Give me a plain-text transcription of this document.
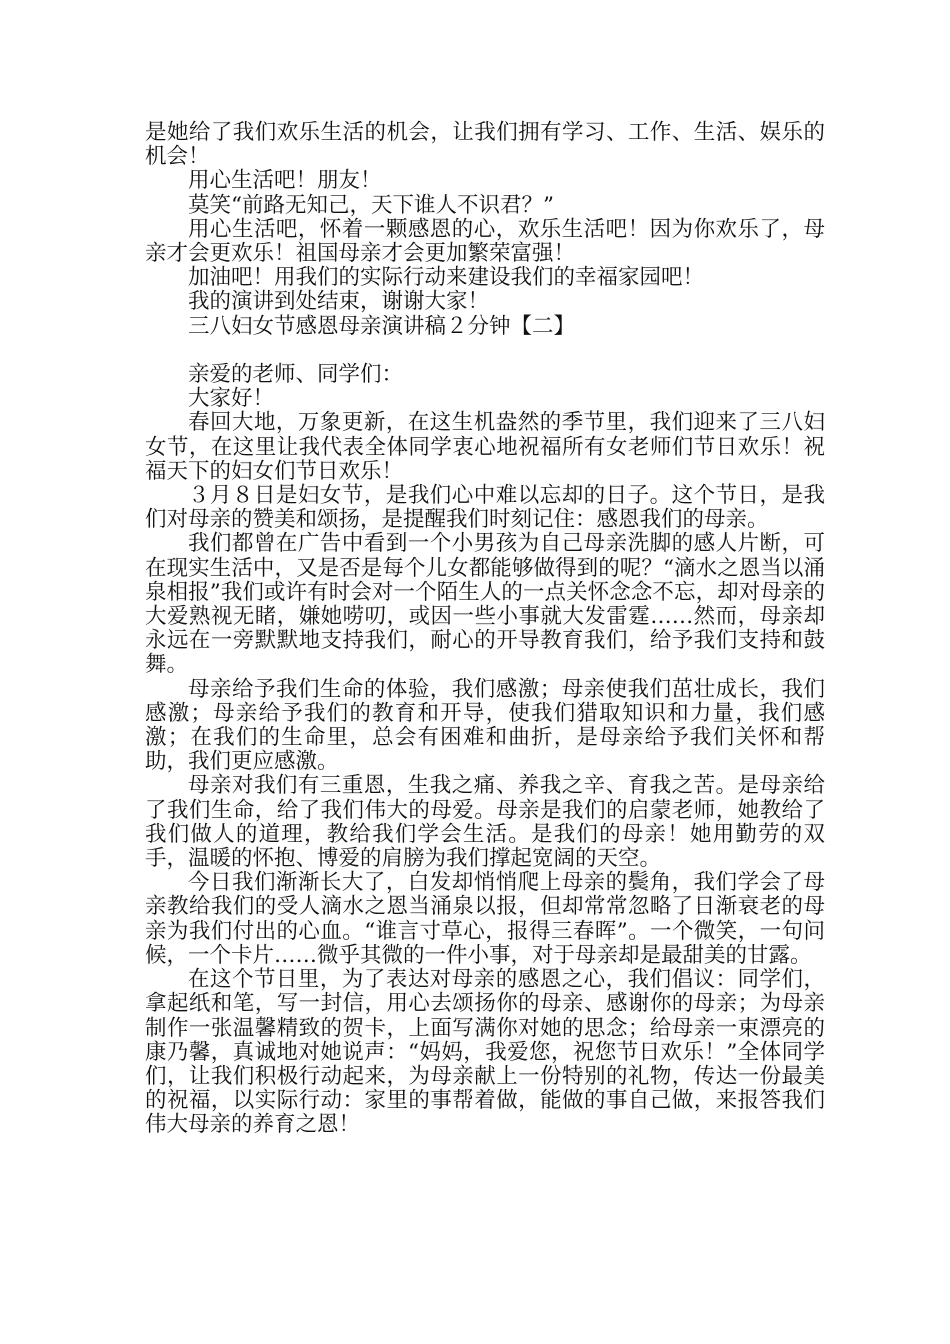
是她给了我们欢乐生活的机会，让我们拥有学习、工作、生活、娱乐的机会！

用心生活吧！朋友！

莫笑“前路无知己，天下谁人不识君？”

用心生活吧，怀着一颗感恩的心，欢乐生活吧！因为你欢乐了，母亲才会更欢乐！祖国母亲才会更加繁荣富强！

加油吧！用我们的实际行动来建设我们的幸福家园吧！

我的演讲到处结束，谢谢大家！

三八妇女节感恩母亲演讲稿２分钟【二】

亲爱的老师、同学们：

大家好！

春回大地，万象更新，在这生机盎然的季节里，我们迎来了三八妇女节，在这里让我代表全体同学衷心地祝福所有女老师们节日欢乐！祝福天下的妇女们节日欢乐！

３月８日是妇女节，是我们心中难以忘却的日子。这个节日，是我们对母亲的赞美和颂扬，是提醒我们时刻记住：感恩我们的母亲。

我们都曾在广告中看到一个小男孩为自己母亲洗脚的感人片断，可在现实生活中，又是否是每个儿女都能够做得到的呢？“滴水之恩当以涌泉相报”我们或许有时会对一个陌生人的一点关怀念念不忘，却对母亲的大爱熟视无睹，嫌她唠叨，或因一些小事就大发雷霆……然而，母亲却永远在一旁默默地支持我们，耐心的开导教育我们，给予我们支持和鼓舞。

母亲给予我们生命的体验，我们感激；母亲使我们茁壮成长，我们感激；母亲给予我们的教育和开导，使我们猎取知识和力量，我们感激；在我们的生命里，总会有困难和曲折，是母亲给予我们关怀和帮助，我们更应感激。

母亲对我们有三重恩，生我之痛、养我之辛、育我之苦。是母亲给了我们生命，给了我们伟大的母爱。母亲是我们的启蒙老师，她教给了我们做人的道理，教给我们学会生活。是我们的母亲！她用勤劳的双手，温暖的怀抱、博爱的肩膀为我们撑起宽阔的天空。

今日我们渐渐长大了，白发却悄悄爬上母亲的鬓角，我们学会了母亲教给我们的受人滴水之恩当涌泉以报，但却常常忽略了日渐衰老的母亲为我们付出的心血。“谁言寸草心，报得三春晖”。一个微笑，一句问候，一个卡片……微乎其微的一件小事，对于母亲却是最甜美的甘露。

在这个节日里，为了表达对母亲的感恩之心，我们倡议：同学们，拿起纸和笔，写一封信，用心去颂扬你的母亲、感谢你的母亲；为母亲制作一张温馨精致的贺卡，上面写满你对她的思念；给母亲一束漂亮的康乃馨，真诚地对她说声：“妈妈，我爱您，祝您节日欢乐！”全体同学们，让我们积极行动起来，为母亲献上一份特别的礼物，传达一份最美的祝福，以实际行动：家里的事帮着做，能做的事自己做，来报答我们伟大母亲的养育之恩！
